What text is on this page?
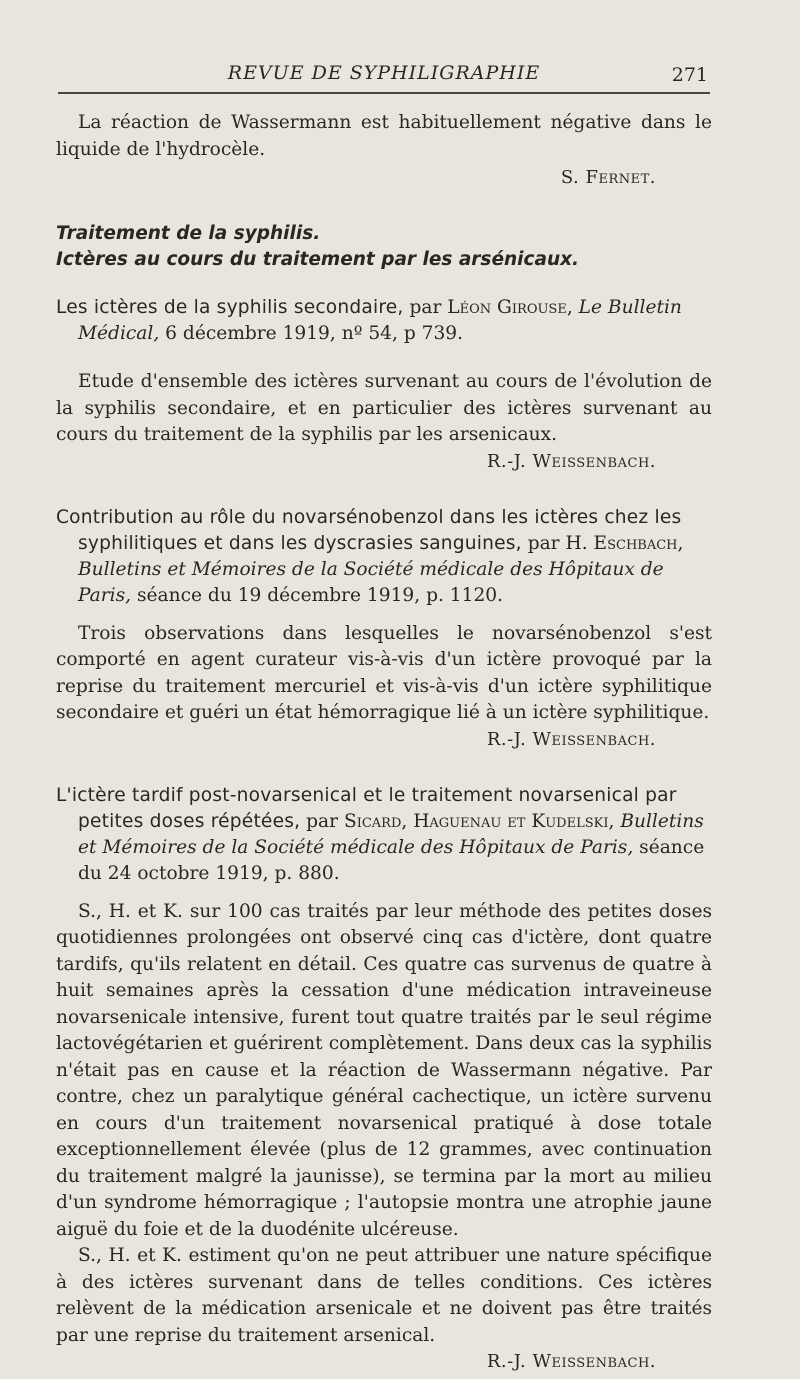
REVUE DE SYPHILIGRAPHIE	271

La réaction de Wassermann est habituellement négative dans le liquide de l'hydrocèle.

S. Fernet.
Traitement de la syphilis.
Ictères au cours du traitement par les arsénicaux.

Les ictères de la syphilis secondaire, par Léon Girouse, Le Bulletin Médical, 6 décembre 1919, nº 54, p 739.

Etude d'ensemble des ictères survenant au cours de l'évolution de la syphilis secondaire, et en particulier des ictères survenant au cours du traitement de la syphilis par les arsenicaux.

R.-J. Weissenbach.

Contribution au rôle du novarsénobenzol dans les ictères chez les syphilitiques et dans les dyscrasies sanguines, par H. Eschbach, Bulletins et Mémoires de la Société médicale des Hôpitaux de Paris, séance du 19 décembre 1919, p. 1120.

Trois observations dans lesquelles le novarsénobenzol s'est comporté en agent curateur vis-à-vis d'un ictère provoqué par la reprise du traitement mercuriel et vis-à-vis d'un ictère syphilitique secondaire et guéri un état hémorragique lié à un ictère syphilitique.

R.-J. Weissenbach.

L'ictère tardif post-novarsenical et le traitement novarsenical par petites doses répétées, par Sicard, Haguenau et Kudelski, Bulletins et Mémoires de la Société médicale des Hôpitaux de Paris, séance du 24 octobre 1919, p. 880.

S., H. et K. sur 100 cas traités par leur méthode des petites doses quotidiennes prolongées ont observé cinq cas d'ictère, dont quatre tardifs, qu'ils relatent en détail. Ces quatre cas survenus de quatre à huit semaines après la cessation d'une médication intraveineuse novarsenicale intensive, furent tout quatre traités par le seul régime lactovégétarien et guérirent complètement. Dans deux cas la syphilis n'était pas en cause et la réaction de Wassermann négative. Par contre, chez un paralytique général cachectique, un ictère survenu en cours d'un traitement novarsenical pratiqué à dose totale exceptionnellement élevée (plus de 12 grammes, avec continuation du traitement malgré la jaunisse), se termina par la mort au milieu d'un syndrome hémorragique ; l'autopsie montra une atrophie jaune aiguë du foie et de la duodénite ulcéreuse.

S., H. et K. estiment qu'on ne peut attribuer une nature spécifique à des ictères survenant dans de telles conditions. Ces ictères relèvent de la médication arsenicale et ne doivent pas être traités par une reprise du traitement arsenical.

R.-J. Weissenbach.
